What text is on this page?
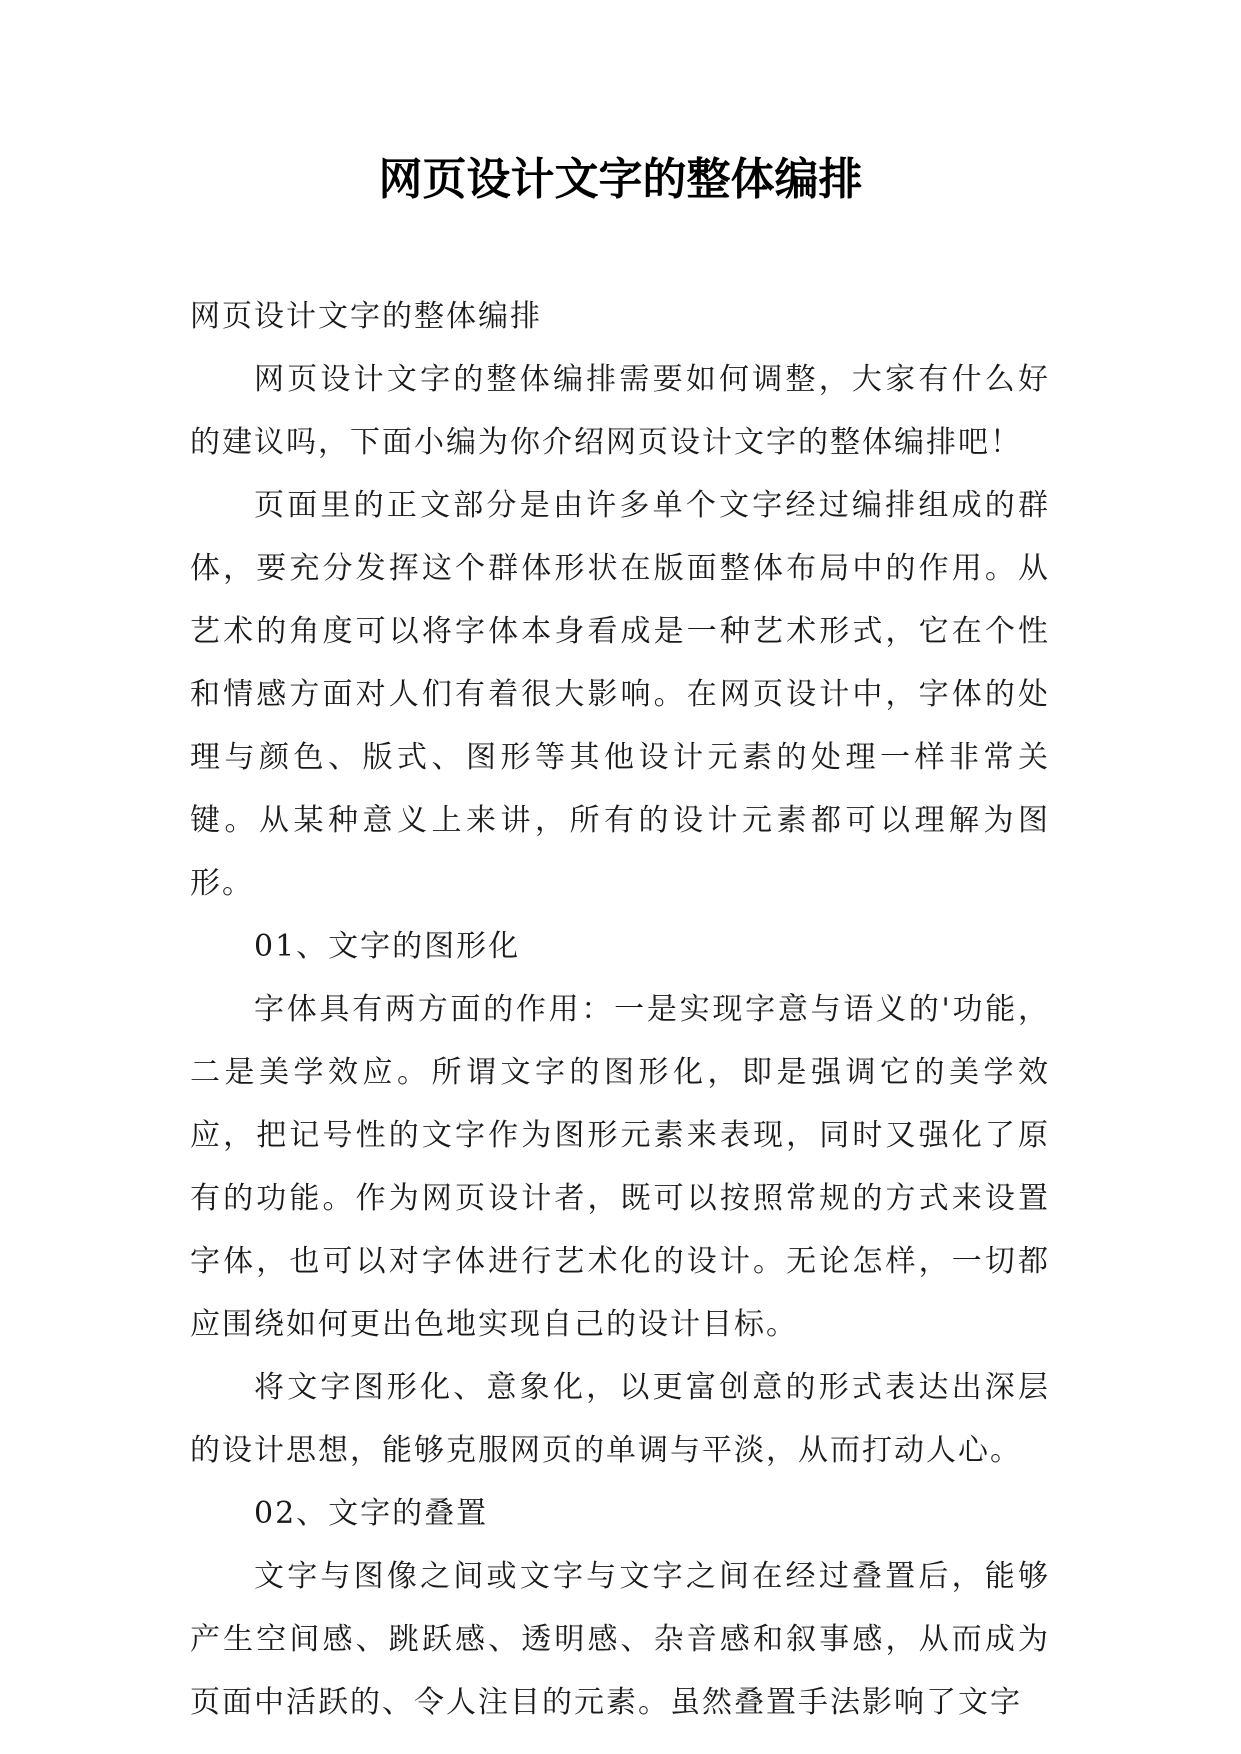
网页设计文字的整体编排

网页设计文字的整体编排

网页设计文字的整体编排需要如何调整，大家有什么好的建议吗，下面小编为你介绍网页设计文字的整体编排吧！

页面里的正文部分是由许多单个文字经过编排组成的群体，要充分发挥这个群体形状在版面整体布局中的作用。从艺术的角度可以将字体本身看成是一种艺术形式，它在个性和情感方面对人们有着很大影响。在网页设计中，字体的处理与颜色、版式、图形等其他设计元素的处理一样非常关键。从某种意义上来讲，所有的设计元素都可以理解为图形。

01、文字的图形化

字体具有两方面的作用：一是实现字意与语义的'功能，二是美学效应。所谓文字的图形化，即是强调它的美学效应，把记号性的文字作为图形元素来表现，同时又强化了原有的功能。作为网页设计者，既可以按照常规的方式来设置字体，也可以对字体进行艺术化的设计。无论怎样，一切都应围绕如何更出色地实现自己的设计目标。

将文字图形化、意象化，以更富创意的形式表达出深层的设计思想，能够克服网页的单调与平淡，从而打动人心。

02、文字的叠置

文字与图像之间或文字与文字之间在经过叠置后，能够产生空间感、跳跃感、透明感、杂音感和叙事感，从而成为页面中活跃的、令人注目的元素。虽然叠置手法影响了文字
